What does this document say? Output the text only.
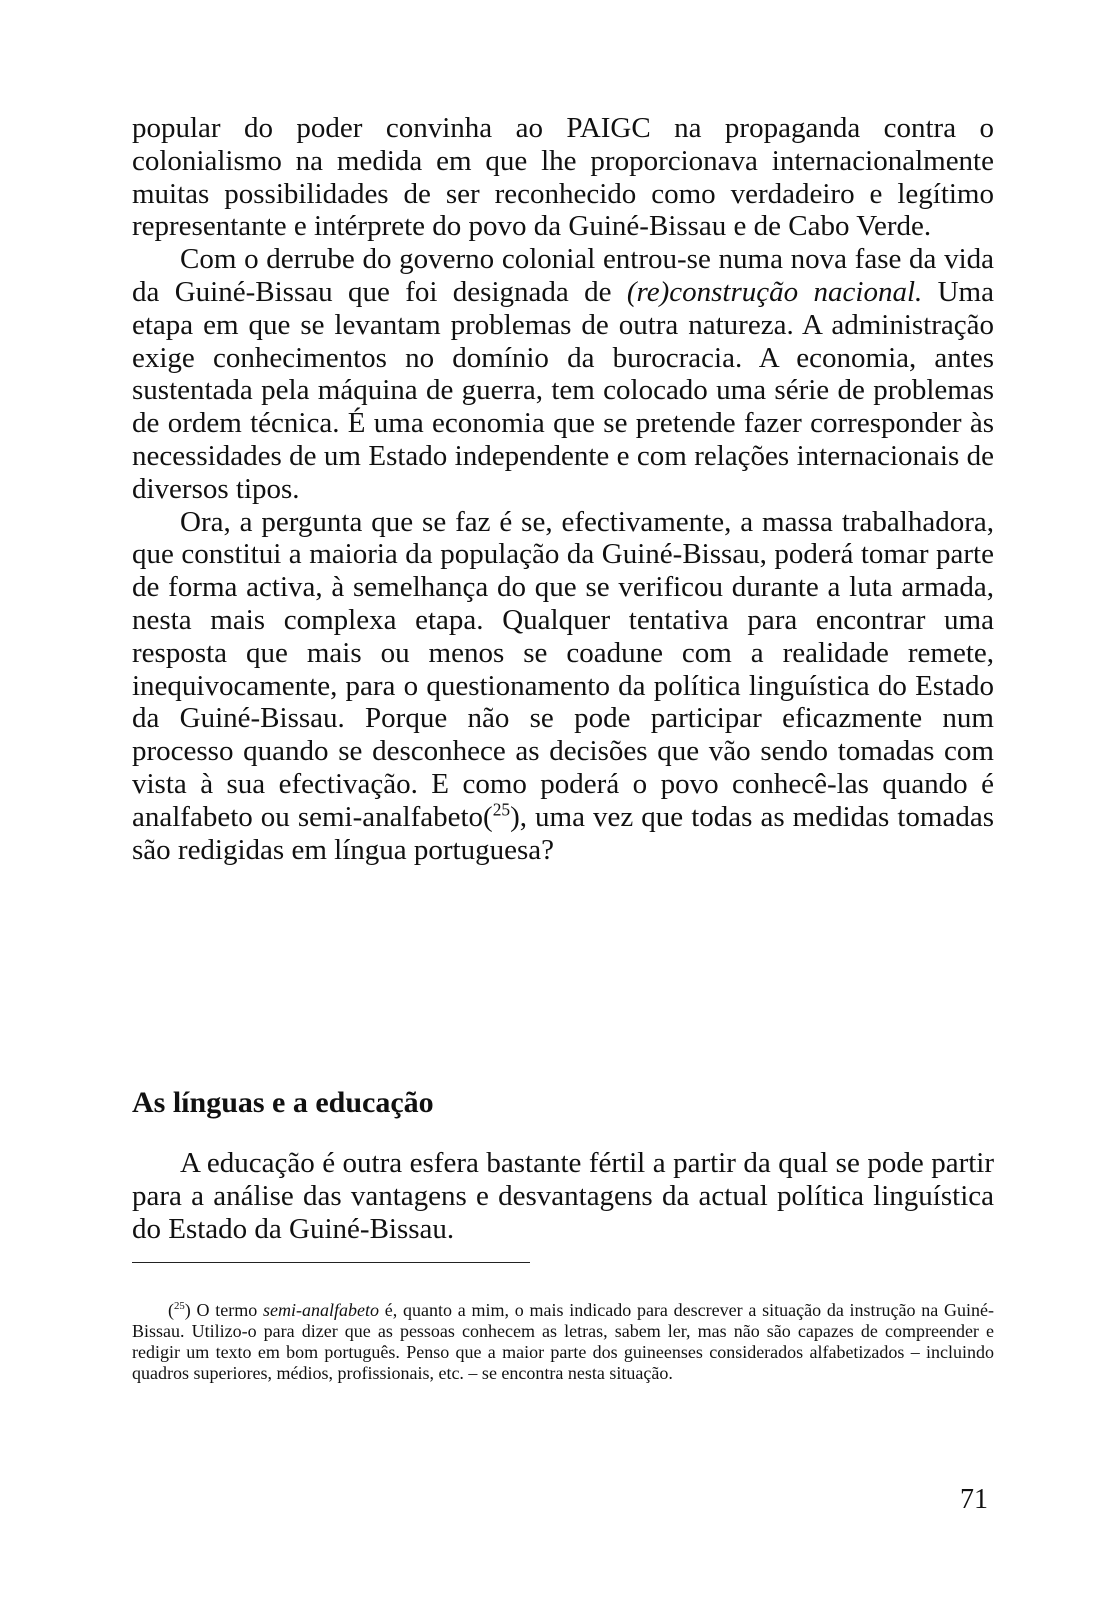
popular do poder convinha ao PAIGC na propaganda contra o colonialismo na medida em que lhe proporcionava internacionalmente muitas possibilidades de ser reconhecido como verdadeiro e legítimo representante e intérprete do povo da Guiné-Bissau e de Cabo Verde.

Com o derrube do governo colonial entrou-se numa nova fase da vida da Guiné-Bissau que foi designada de (re)construção nacional. Uma etapa em que se levantam problemas de outra natureza. A administração exige conhecimentos no domínio da burocracia. A economia, antes sustentada pela máquina de guerra, tem colocado uma série de problemas de ordem técnica. É uma economia que se pretende fazer corresponder às necessidades de um Estado independente e com relações internacionais de diversos tipos.

Ora, a pergunta que se faz é se, efectivamente, a massa trabalhadora, que constitui a maioria da população da Guiné-Bissau, poderá tomar parte de forma activa, à semelhança do que se verificou durante a luta armada, nesta mais complexa etapa. Qualquer tentativa para encontrar uma resposta que mais ou menos se coadune com a realidade remete, inequivocamente, para o questionamento da política linguística do Estado da Guiné-Bissau. Porque não se pode participar eficazmente num processo quando se desconhece as decisões que vão sendo tomadas com vista à sua efectivação. E como poderá o povo conhecê-las quando é analfabeto ou semi-analfabeto($^{25}$), uma vez que todas as medidas tomadas são redigidas em língua portuguesa?

As línguas e a educação

A educação é outra esfera bastante fértil a partir da qual se pode partir para a análise das vantagens e desvantagens da actual política linguística do Estado da Guiné-Bissau.

($^{25}$) O termo semi-analfabeto é, quanto a mim, o mais indicado para descrever a situação da instrução na Guiné-Bissau. Utilizo-o para dizer que as pessoas conhecem as letras, sabem ler, mas não são capazes de compreender e redigir um texto em bom português. Penso que a maior parte dos guineenses considerados alfabetizados – incluindo quadros superiores, médios, profissionais, etc. – se encontra nesta situação.

71
